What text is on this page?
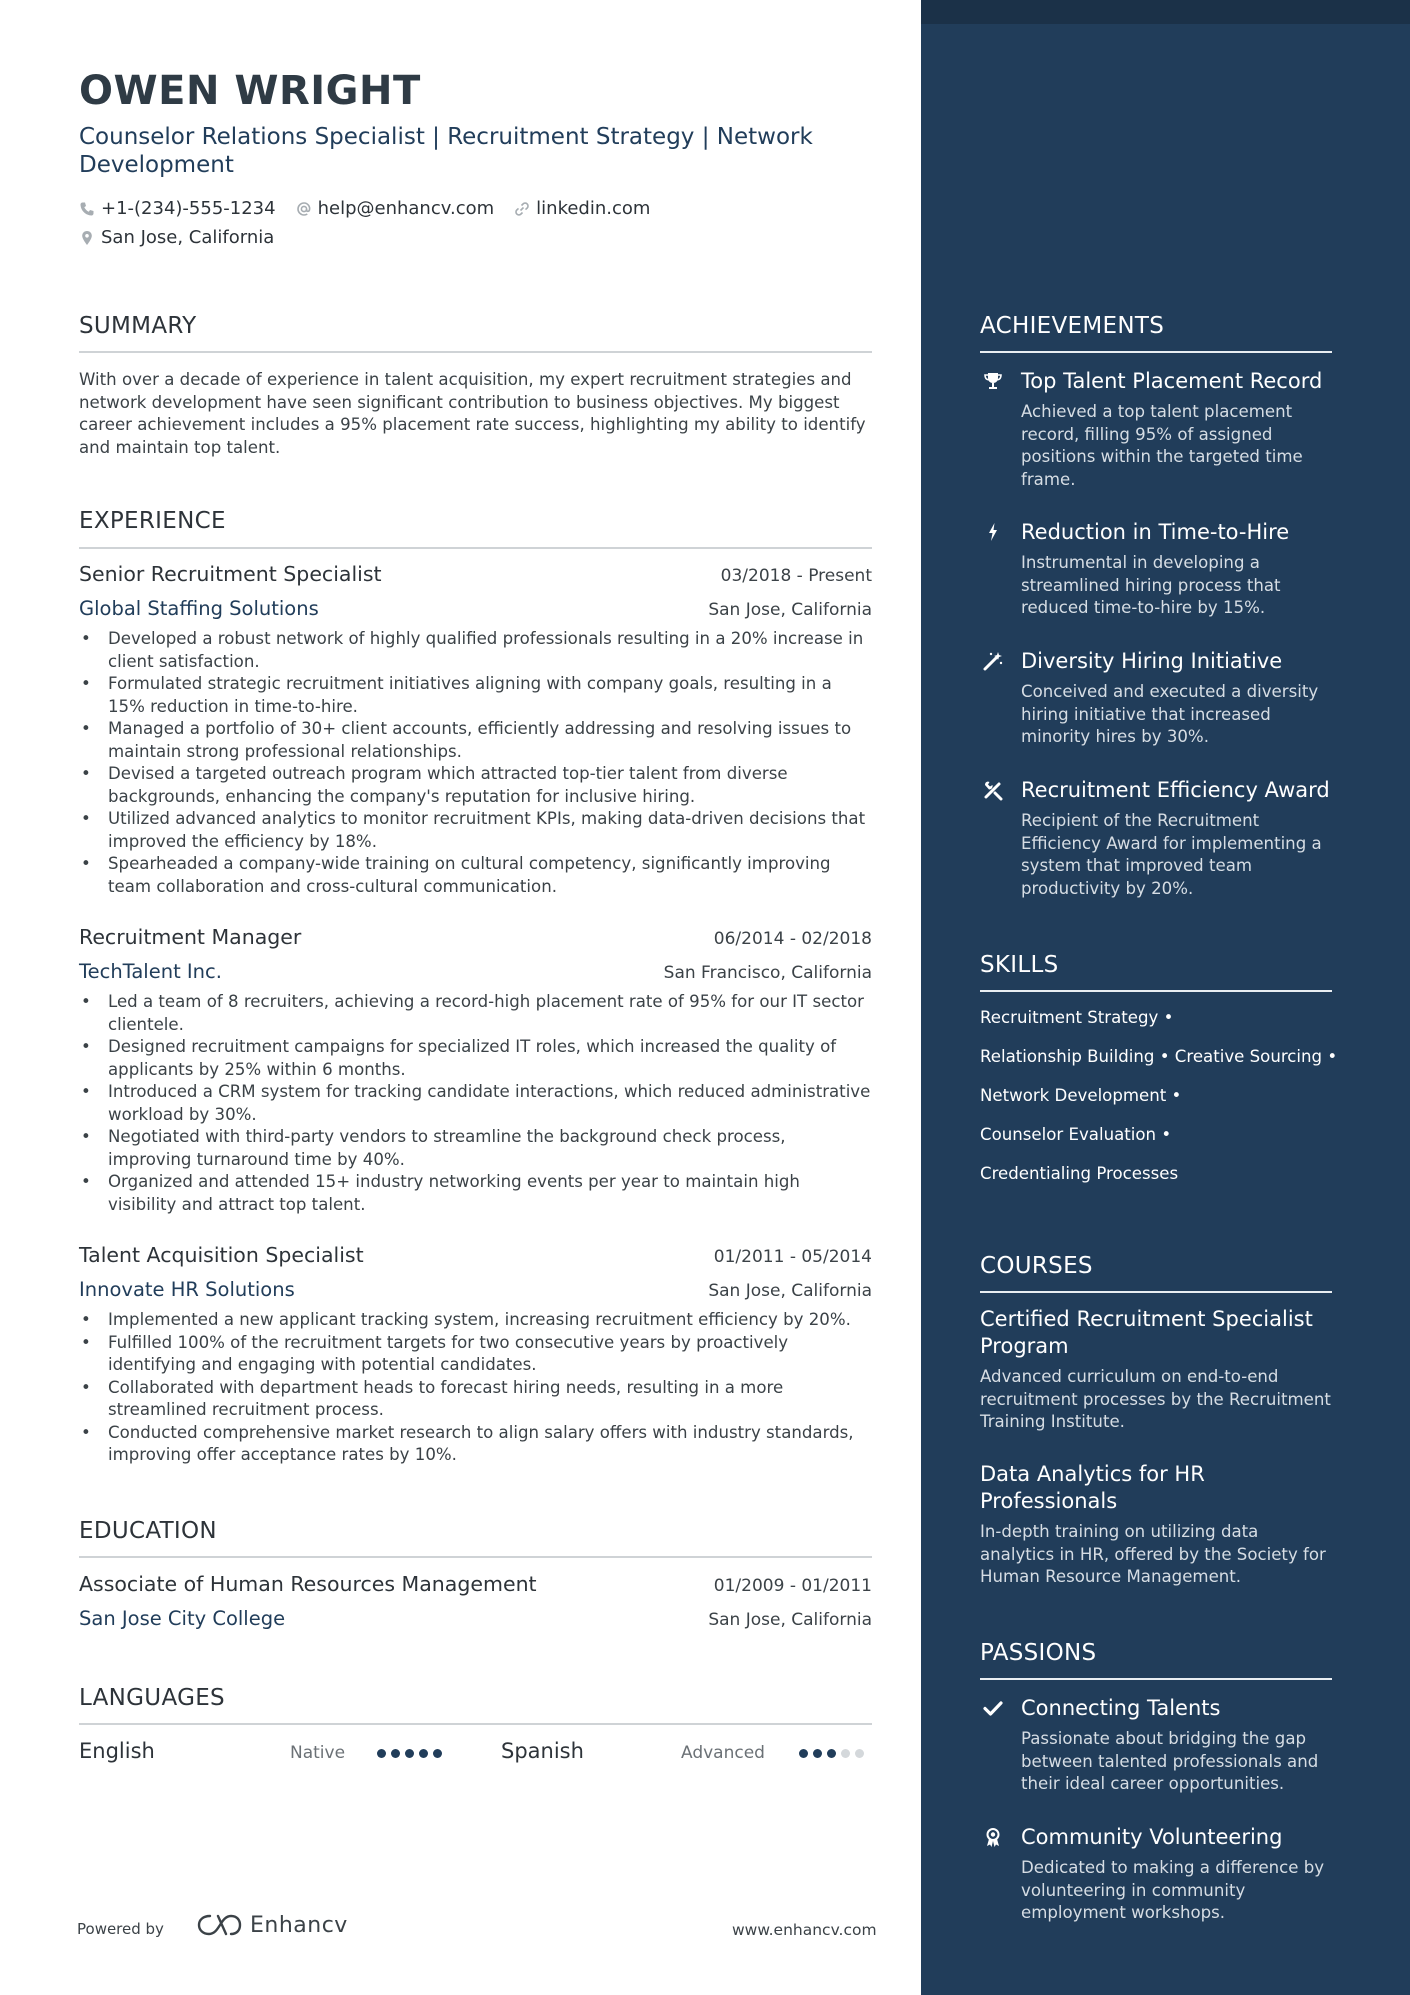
OWEN WRIGHT
Counselor Relations Specialist | Recruitment Strategy | Network Development
+1-(234)-555-1234 help@enhancv.com linkedin.com
San Jose, California
SUMMARY
With over a decade of experience in talent acquisition, my expert recruitment strategies and network development have seen significant contribution to business objectives. My biggest career achievement includes a 95% placement rate success, highlighting my ability to identify and maintain top talent.
EXPERIENCE
Senior Recruitment Specialist	03/2018 - Present
Global Staffing Solutions	San Jose, California
• Developed a robust network of highly qualified professionals resulting in a 20% increase in client satisfaction.
• Formulated strategic recruitment initiatives aligning with company goals, resulting in a 15% reduction in time-to-hire.
• Managed a portfolio of 30+ client accounts, efficiently addressing and resolving issues to maintain strong professional relationships.
• Devised a targeted outreach program which attracted top-tier talent from diverse backgrounds, enhancing the company's reputation for inclusive hiring.
• Utilized advanced analytics to monitor recruitment KPIs, making data-driven decisions that improved the efficiency by 18%.
• Spearheaded a company-wide training on cultural competency, significantly improving team collaboration and cross-cultural communication.
Recruitment Manager	06/2014 - 02/2018
TechTalent Inc.	San Francisco, California
• Led a team of 8 recruiters, achieving a record-high placement rate of 95% for our IT sector clientele.
• Designed recruitment campaigns for specialized IT roles, which increased the quality of applicants by 25% within 6 months.
• Introduced a CRM system for tracking candidate interactions, which reduced administrative workload by 30%.
• Negotiated with third-party vendors to streamline the background check process, improving turnaround time by 40%.
• Organized and attended 15+ industry networking events per year to maintain high visibility and attract top talent.
Talent Acquisition Specialist	01/2011 - 05/2014
Innovate HR Solutions	San Jose, California
• Implemented a new applicant tracking system, increasing recruitment efficiency by 20%.
• Fulfilled 100% of the recruitment targets for two consecutive years by proactively identifying and engaging with potential candidates.
• Collaborated with department heads to forecast hiring needs, resulting in a more streamlined recruitment process.
• Conducted comprehensive market research to align salary offers with industry standards, improving offer acceptance rates by 10%.
EDUCATION
Associate of Human Resources Management	01/2009 - 01/2011
San Jose City College	San Jose, California
LANGUAGES
English	Native	Spanish	Advanced
Powered by	Enhancv	www.enhancv.com
ACHIEVEMENTS
Top Talent Placement Record
Achieved a top talent placement record, filling 95% of assigned positions within the targeted time frame.
Reduction in Time-to-Hire
Instrumental in developing a streamlined hiring process that reduced time-to-hire by 15%.
Diversity Hiring Initiative
Conceived and executed a diversity hiring initiative that increased minority hires by 30%.
Recruitment Efficiency Award
Recipient of the Recruitment Efficiency Award for implementing a system that improved team productivity by 20%.
SKILLS
Recruitment Strategy •
Relationship Building • Creative Sourcing •
Network Development •
Counselor Evaluation •
Credentialing Processes
COURSES
Certified Recruitment Specialist Program
Advanced curriculum on end-to-end recruitment processes by the Recruitment Training Institute.
Data Analytics for HR Professionals
In-depth training on utilizing data analytics in HR, offered by the Society for Human Resource Management.
PASSIONS
Connecting Talents
Passionate about bridging the gap between talented professionals and their ideal career opportunities.
Community Volunteering
Dedicated to making a difference by volunteering in community employment workshops.
